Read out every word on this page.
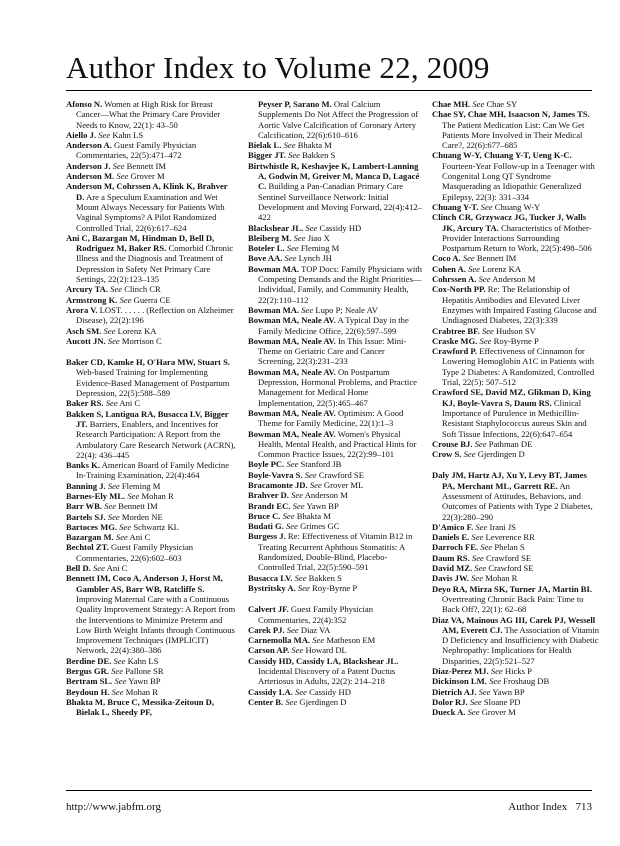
Author Index to Volume 22, 2009
Afonso N. Women at High Risk for Breast Cancer—What the Primary Care Provider Needs to Know, 22(1): 43–50
Aiello J. See Kahn LS
Anderson A. Guest Family Physician Commentaries, 22(5):471–472
Anderson J. See Bennett IM
Anderson M. See Grover M
Anderson M, Cohrssen A, Klink K, Brahver D. Are a Speculum Examination and Wet Mount Always Necessary for Patients With Vaginal Symptoms? A Pilot Randomized Controlled Trial, 22(6):617–624
Ani C, Bazargan M, Hindman D, Bell D, Rodriguez M, Baker RS. Comorbid Chronic Illness and the Diagnosis and Treatment of Depression in Safety Net Primary Care Settings, 22(2):123–135
Arcury TA. See Clinch CR
Armstrong K. See Guerra CE
Arora V. LOST. . . . . . (Reflection on Alzheimer Disease), 22(2):196
Asch SM. See Lorenz KA
Aucott JN. See Morrison C
Baker CD, Kamke H, O'Hara MW, Stuart S. Web-based Training for Implementing Evidence-Based Management of Postpartum Depression, 22(5):588–589
Baker RS. See Ani C
Bakken S, Lantigua RA, Busacca LV, Bigger JT. Barriers, Enablers, and Incentives for Research Participation: A Report from the Ambulatory Care Research Network (ACRN), 22(4): 436–445
Banks K. American Board of Family Medicine In-Training Examination, 22(4):464
Banning J. See Fleming M
Barnes-Ely ML. See Mohan R
Barr WB. See Bennett IM
Bartels SJ. See Morden NE
Bartoces MG. See Schwartz KL
Bazargan M. See Ani C
Bechtol ZT. Guest Family Physician Commentaries, 22(6):602–603
Bell D. See Ani C
Bennett IM, Coco A, Anderson J, Horst M, Gambler AS, Barr WB, Ratcliffe S. Improving Maternal Care with a Continuous Quality Improvement Strategy: A Report from the Interventions to Minimize Preterm and Low Birth Weight Infants through Continuous Improvement Techniques (IMPLICIT) Network, 22(4):380–386
Berdine DE. See Kahn LS
Bergus GR. See Pallone SR
Bertram SL. See Yawn BP
Beydoun H. See Mohan R
Bhakta M, Bruce C, Messika-Zeitoun D, Bielak L, Sheedy PF,
Peyser P, Sarano M. Oral Calcium Supplements Do Not Affect the Progression of Aortic Valve Calcification of Coronary Artery Calcification, 22(6):610–616
Bielak L. See Bhakta M
Bigger JT. See Bakken S
Birtwhistle R, Keshavjee K, Lambert-Lanning A, Godwin M, Greiver M, Manca D, Lagacé C. Building a Pan-Canadian Primary Care Sentinel Surveillance Network: Initial Development and Moving Forward, 22(4):412–422
Blackshear JL. See Cassidy HD
Bleiberg M. See Jiao X
Boteler L. See Fleming M
Bove AA. See Lynch JH
Bowman MA. TOP Docs: Family Physicians with Competing Demands and the Right Priorities—Individual, Family, and Community Health, 22(2):110–112
Bowman MA. See Lupo P; Neale AV
Bowman MA, Neale AV. A Typical Day in the Family Medicine Office, 22(6):597–599
Bowman MA, Neale AV. In This Issue: Mini-Theme on Geriatric Care and Cancer Screening, 22(3):231–233
Bowman MA, Neale AV. On Postpartum Depression, Hormonal Problems, and Practice Management for Medical Home Implementation, 22(5):465–467
Bowman MA, Neale AV. Optimism: A Good Theme for Family Medicine, 22(1):1–3
Bowman MA, Neale AV. Women's Physical Health, Mental Health, and Practical Hints for Common Practice Issues, 22(2):99–101
Boyle PC. See Stanford JB
Boyle-Vavra S. See Crawford SE
Bracamonte JD. See Grover ML
Brahver D. See Anderson M
Brandt EC. See Yawn BP
Bruce C. See Bhakta M
Budati G. See Grimes GC
Burgess J. Re: Effectiveness of Vitamin B12 in Treating Recurrent Aphthous Stomatitis: A Randomized, Double-Blind, Placebo-Controlled Trial, 22(5):590–591
Busacca LV. See Bakken S
Bystritsky A. See Roy-Byrne P
Calvert JF. Guest Family Physician Commentaries, 22(4):352
Carek PJ. See Diaz VA
Carnemolla MA. See Matheson EM
Carson AP. See Howard DL
Cassidy HD, Cassidy LA, Blackshear JL. Incidental Discovery of a Patent Ductus Arteriosus in Adults, 22(2): 214–218
Cassidy LA. See Cassidy HD
Center B. See Gjerdingen D
Chae MH. See Chae SY
Chae SY, Chae MH, Isaacson N, James TS. The Patient Medication List: Can We Get Patients More Involved in Their Medical Care?, 22(6):677–685
Chuang W-Y, Chuang Y-T, Ueng K-C. Fourteen-Year Follow-up in a Teenager with Congenital Long QT Syndrome Masquerading as Idiopathic Generalized Epilepsy, 22(3): 331–334
Chuang Y-T. See Chuang W-Y
Clinch CR, Grzywacz JG, Tucker J, Walls JK, Arcury TA. Characteristics of Mother-Provider Interactions Surrounding Postpartum Return to Work, 22(5):498–506
Coco A. See Bennett IM
Cohen A. See Lorenz KA
Cohrssen A. See Anderson M
Cox-North PP. Re: The Relationship of Hepatitis Antibodies and Elevated Liver Enzymes with Impaired Fasting Glucose and Undiagnosed Diabetes, 22(3):339
Crabtree BF. See Hudson SV
Craske MG. See Roy-Byrne P
Crawford P. Effectiveness of Cinnamon for Lowering Hemoglobin A1C in Patients with Type 2 Diabetes: A Randomized, Controlled Trial, 22(5): 507–512
Crawford SE, David MZ, Glikman D, King KJ, Boyle-Vavra S, Daum RS. Clinical Importance of Purulence in Methicillin-Resistant Staphylococcus aureus Skin and Soft Tissue Infections, 22(6):647–654
Crouse BJ. See Pathman DE
Crow S. See Gjerdingen D
Daly JM, Hartz AJ, Xu Y, Levy BT, James PA, Merchant ML, Garrett RE. An Assessment of Attitudes, Behaviors, and Outcomes of Patients with Type 2 Diabetes, 22(3):280–290
D'Amico F. See Irani JS
Daniels E. See Leverence RR
Darroch FE. See Phelan S
Daum RS. See Crawford SE
David MZ. See Crawford SE
Davis JW. See Mohan R
Deyo RA, Mirza SK, Turner JA, Martin BI. Overtreating Chronic Back Pain: Time to Back Off?, 22(1): 62–68
Diaz VA, Mainous AG III, Carek PJ, Wessell AM, Everett CJ. The Association of Vitamin D Deficiency and Insufficiency with Diabetic Nephropathy: Implications for Health Disparities, 22(5):521–527
Diaz-Perez MJ. See Hicks P
Dickinson LM. See Froshaug DB
Dietrich AJ. See Yawn BP
Dolor RJ. See Sloane PD
Dueck A. See Grover M
http://www.jabfm.org	Author Index 713
